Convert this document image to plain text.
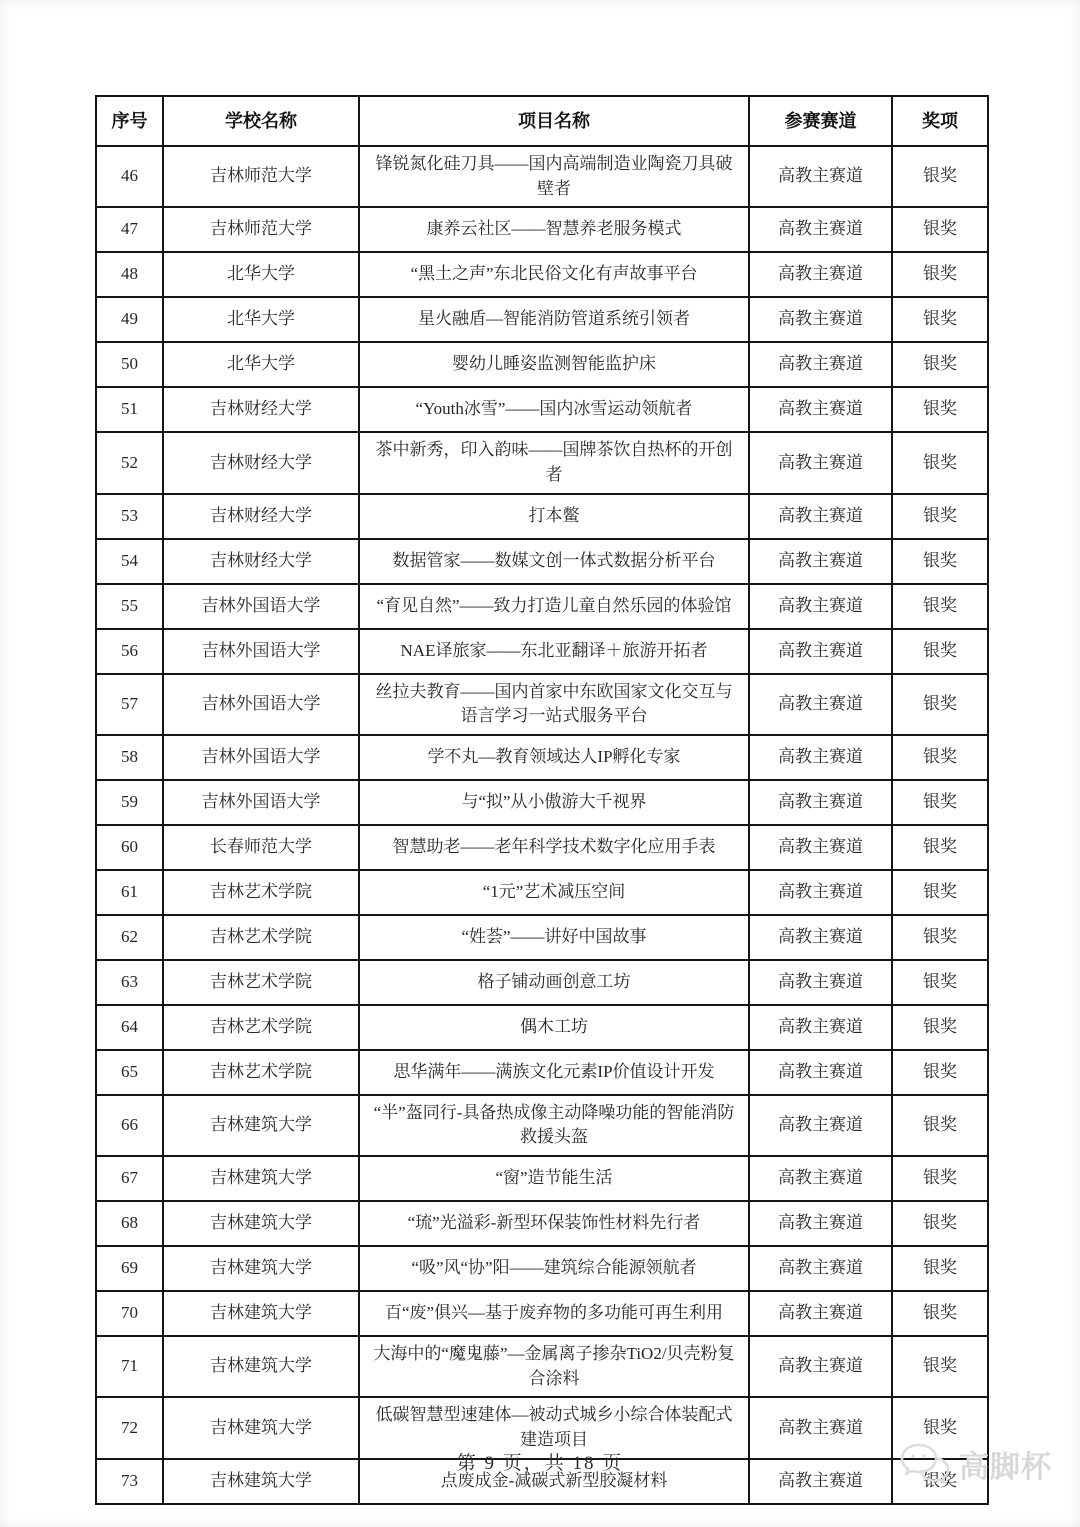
序号	学校名称	项目名称	参赛赛道	奖项
46	吉林师范大学	锋锐氮化硅刀具——国内高端制造业陶瓷刀具破壁者	高教主赛道	银奖
47	吉林师范大学	康养云社区——智慧养老服务模式	高教主赛道	银奖
48	北华大学	“黑土之声”东北民俗文化有声故事平台	高教主赛道	银奖
49	北华大学	星火融盾—智能消防管道系统引领者	高教主赛道	银奖
50	北华大学	婴幼儿睡姿监测智能监护床	高教主赛道	银奖
51	吉林财经大学	“Youth冰雪”——国内冰雪运动领航者	高教主赛道	银奖
52	吉林财经大学	茶中新秀，印入韵味——国牌茶饮自热杯的开创者	高教主赛道	银奖
53	吉林财经大学	打本鳖	高教主赛道	银奖
54	吉林财经大学	数据管家——数媒文创一体式数据分析平台	高教主赛道	银奖
55	吉林外国语大学	“育见自然”——致力打造儿童自然乐园的体验馆	高教主赛道	银奖
56	吉林外国语大学	NAE译旅家——东北亚翻译＋旅游开拓者	高教主赛道	银奖
57	吉林外国语大学	丝拉夫教育——国内首家中东欧国家文化交互与语言学习一站式服务平台	高教主赛道	银奖
58	吉林外国语大学	学不丸—教育领域达人IP孵化专家	高教主赛道	银奖
59	吉林外国语大学	与“拟”从小傲游大千视界	高教主赛道	银奖
60	长春师范大学	智慧助老——老年科学技术数字化应用手表	高教主赛道	银奖
61	吉林艺术学院	“1元”艺术减压空间	高教主赛道	银奖
62	吉林艺术学院	“姓荟”——讲好中国故事	高教主赛道	银奖
63	吉林艺术学院	格子铺动画创意工坊	高教主赛道	银奖
64	吉林艺术学院	偶木工坊	高教主赛道	银奖
65	吉林艺术学院	思华满年——满族文化元素IP价值设计开发	高教主赛道	银奖
66	吉林建筑大学	“半”盔同行-具备热成像主动降噪功能的智能消防救援头盔	高教主赛道	银奖
67	吉林建筑大学	“窗”造节能生活	高教主赛道	银奖
68	吉林建筑大学	“琉”光溢彩-新型环保装饰性材料先行者	高教主赛道	银奖
69	吉林建筑大学	“吸”风“协”阳——建筑综合能源领航者	高教主赛道	银奖
70	吉林建筑大学	百“废”俱兴—基于废弃物的多功能可再生利用	高教主赛道	银奖
71	吉林建筑大学	大海中的“魔鬼藤”—金属离子掺杂TiO2/贝壳粉复合涂料	高教主赛道	银奖
72	吉林建筑大学	低碳智慧型速建体—被动式城乡小综合体装配式建造项目	高教主赛道	银奖
73	吉林建筑大学	点废成金-减碳式新型胶凝材料	高教主赛道	银奖
第 9 页，共 18 页	高脚杯
